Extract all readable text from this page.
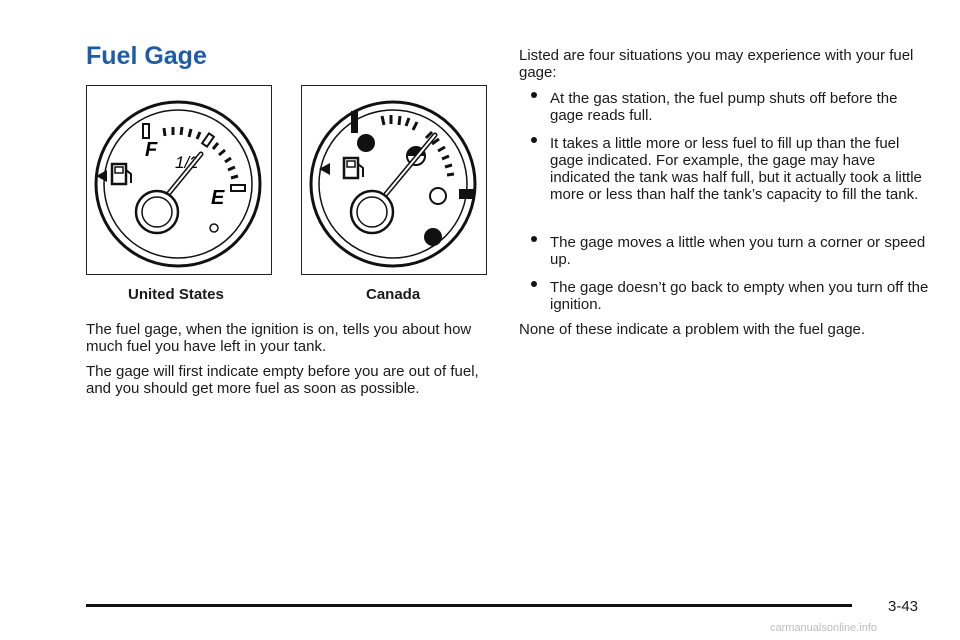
Fuel Gage
F
1/2
E
United States	Canada

The fuel gage, when the ignition is on, tells you about how much fuel you have left in your tank.

The gage will first indicate empty before you are out of fuel, and you should get more fuel as soon as possible.

Listed are four situations you may experience with your fuel gage:

At the gas station, the fuel pump shuts off before the gage reads full.
It takes a little more or less fuel to fill up than the fuel gage indicated. For example, the gage may have indicated the tank was half full, but it actually took a little more or less than half the tank’s capacity to fill the tank.
The gage moves a little when you turn a corner or speed up.
The gage doesn’t go back to empty when you turn off the ignition.

None of these indicate a problem with the fuel gage.

3-43
carmanualsonline.info
